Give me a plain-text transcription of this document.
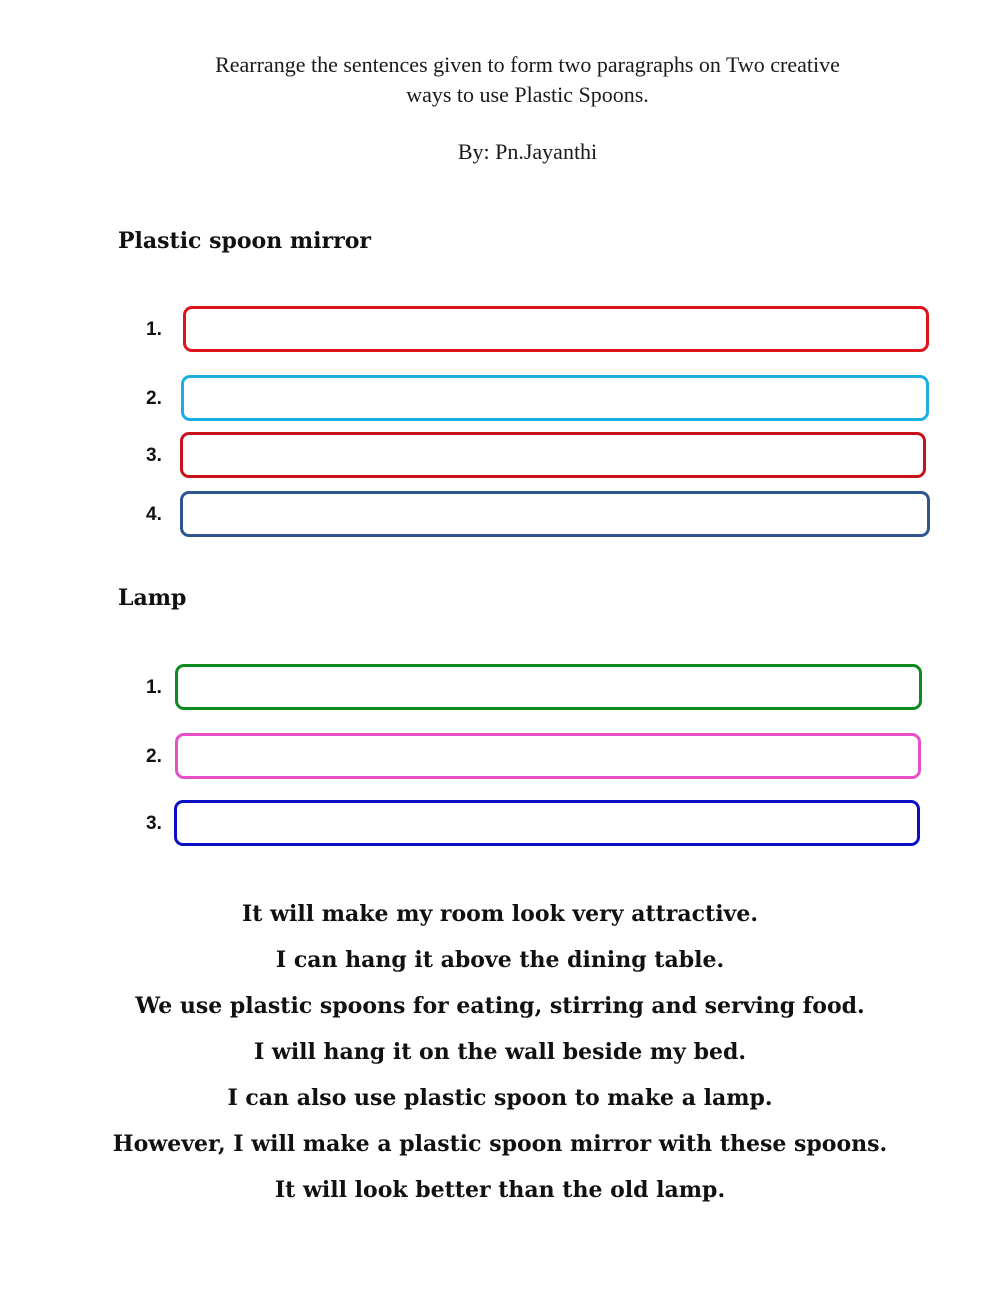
Rearrange the sentences given to form two paragraphs on Two creative
ways to use Plastic Spoons.
By: Pn.Jayanthi
Plastic spoon mirror
1.
2.
3.
4.
Lamp
1.
2.
3.
It will make my room look very attractive.
I can hang it above the dining table.
We use plastic spoons for eating, stirring and serving food.
I will hang it on the wall beside my bed.
I can also use plastic spoon to make a lamp.
However, I will make a plastic spoon mirror with these spoons.
It will look better than the old lamp.
